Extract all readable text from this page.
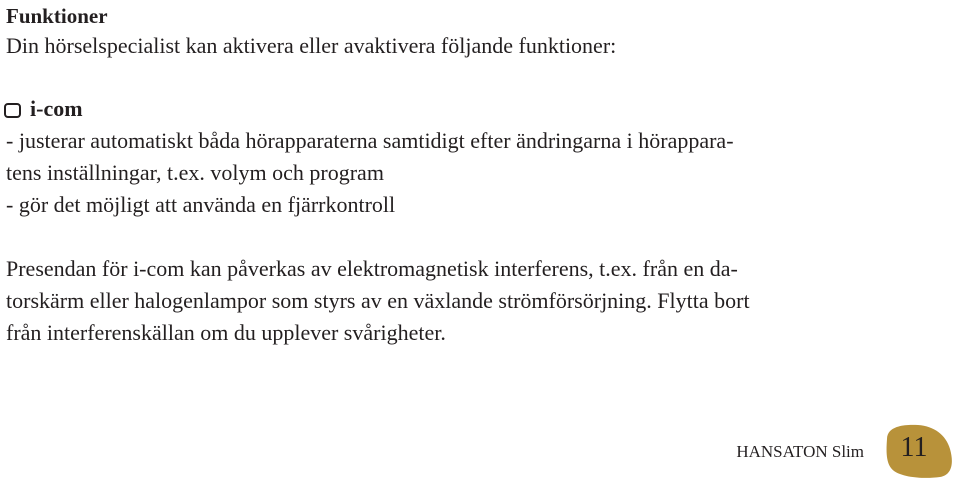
Funktioner
Din hörselspecialist kan aktivera eller avaktivera följande funktioner:
i-com
- justerar automatiskt båda hörapparaterna samtidigt efter ändringarna i hörappara-
tens inställningar, t.ex. volym och program
- gör det möjligt att använda en fjärrkontroll
Presendan för i-com kan påverkas av elektromagnetisk interferens, t.ex. från en da-
torskärm eller halogenlampor som styrs av en växlande strömförsörjning. Flytta bort
från interferenskällan om du upplever svårigheter.
HANSATON Slim 11
